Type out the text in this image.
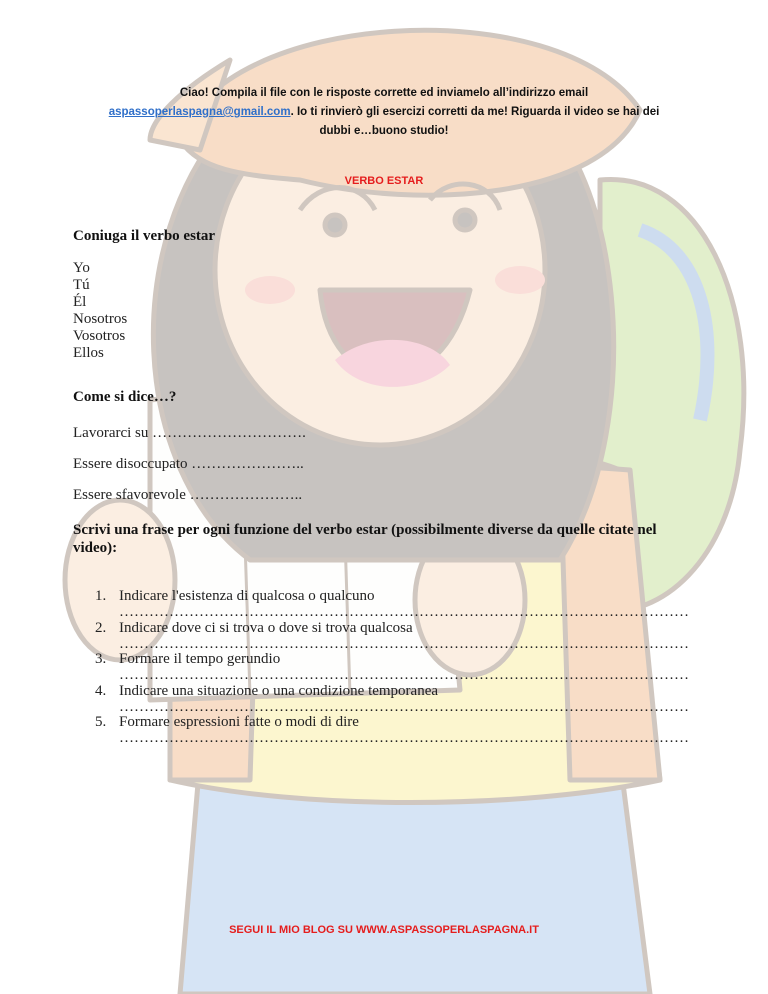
Ciao! Compila il file con le risposte corrette ed inviamelo all’indirizzo email
aspassoperlaspagna@gmail.com. Io ti rinvierò gli esercizi corretti da me! Riguarda il video se hai dei
dubbi e…buono studio!
VERBO ESTAR
Coniuga il verbo estar
Yo
Tú
Él
Nosotros
Vosotros
Ellos
Come si dice…?
Lavorarci su ………………………….
Essere disoccupato …………………..
Essere sfavorevole …………………..
Scrivi una frase per ogni funzione del verbo estar (possibilmente diverse da quelle citate nel video):
1. Indicare l'esistenza di qualcosa o qualcuno
……………………………………………………………………………………………………
2. Indicare dove ci si trova o dove si trova qualcosa
……………………………………………………………………………………………………
3. Formare il tempo gerundio
……………………………………………………………………………………………………
4. Indicare una situazione o una condizione temporanea
……………………………………………………………………………………………………
5. Formare espressioni fatte o modi di dire
……………………………………………………………………………………………………
SEGUI IL MIO BLOG SU WWW.ASPASSOPERLASPAGNA.IT
